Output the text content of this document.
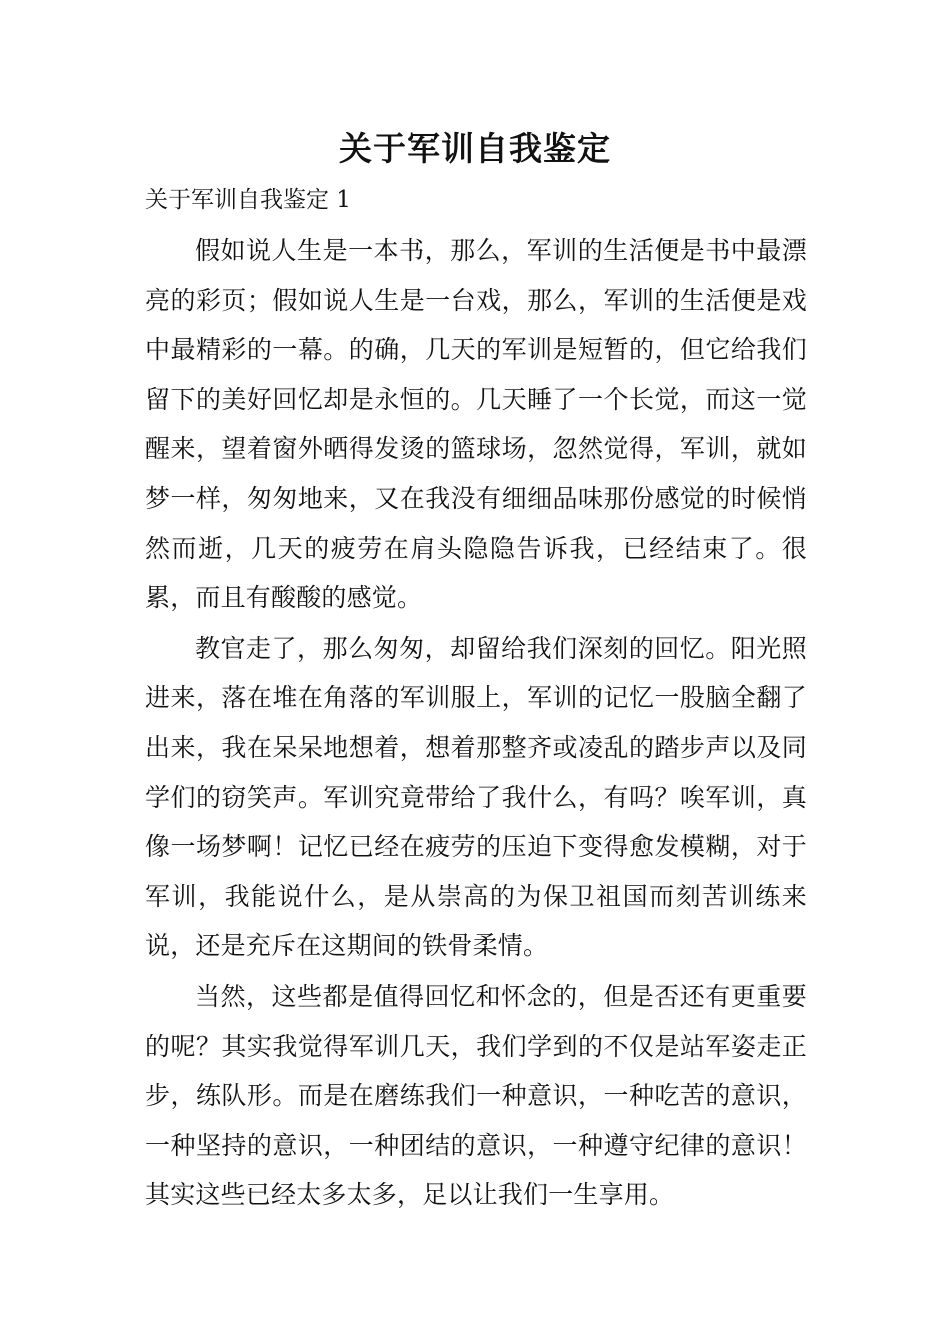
关于军训自我鉴定

关于军训自我鉴定 1

假如说人生是一本书，那么，军训的生活便是书中最漂亮的彩页；假如说人生是一台戏，那么，军训的生活便是戏中最精彩的一幕。的确，几天的军训是短暂的，但它给我们留下的美好回忆却是永恒的。几天睡了一个长觉，而这一觉醒来，望着窗外晒得发烫的篮球场，忽然觉得，军训，就如梦一样，匆匆地来，又在我没有细细品味那份感觉的时候悄然而逝，几天的疲劳在肩头隐隐告诉我，已经结束了。很累，而且有酸酸的感觉。

教官走了，那么匆匆，却留给我们深刻的回忆。阳光照进来，落在堆在角落的军训服上，军训的记忆一股脑全翻了出来，我在呆呆地想着，想着那整齐或凌乱的踏步声以及同学们的窃笑声。军训究竟带给了我什么，有吗？唉军训，真像一场梦啊！记忆已经在疲劳的压迫下变得愈发模糊，对于军训，我能说什么，是从崇高的为保卫祖国而刻苦训练来说，还是充斥在这期间的铁骨柔情。

当然，这些都是值得回忆和怀念的，但是否还有更重要的呢？其实我觉得军训几天，我们学到的不仅是站军姿走正步，练队形。而是在磨练我们一种意识，一种吃苦的意识，一种坚持的意识，一种团结的意识，一种遵守纪律的意识！其实这些已经太多太多，足以让我们一生享用。
